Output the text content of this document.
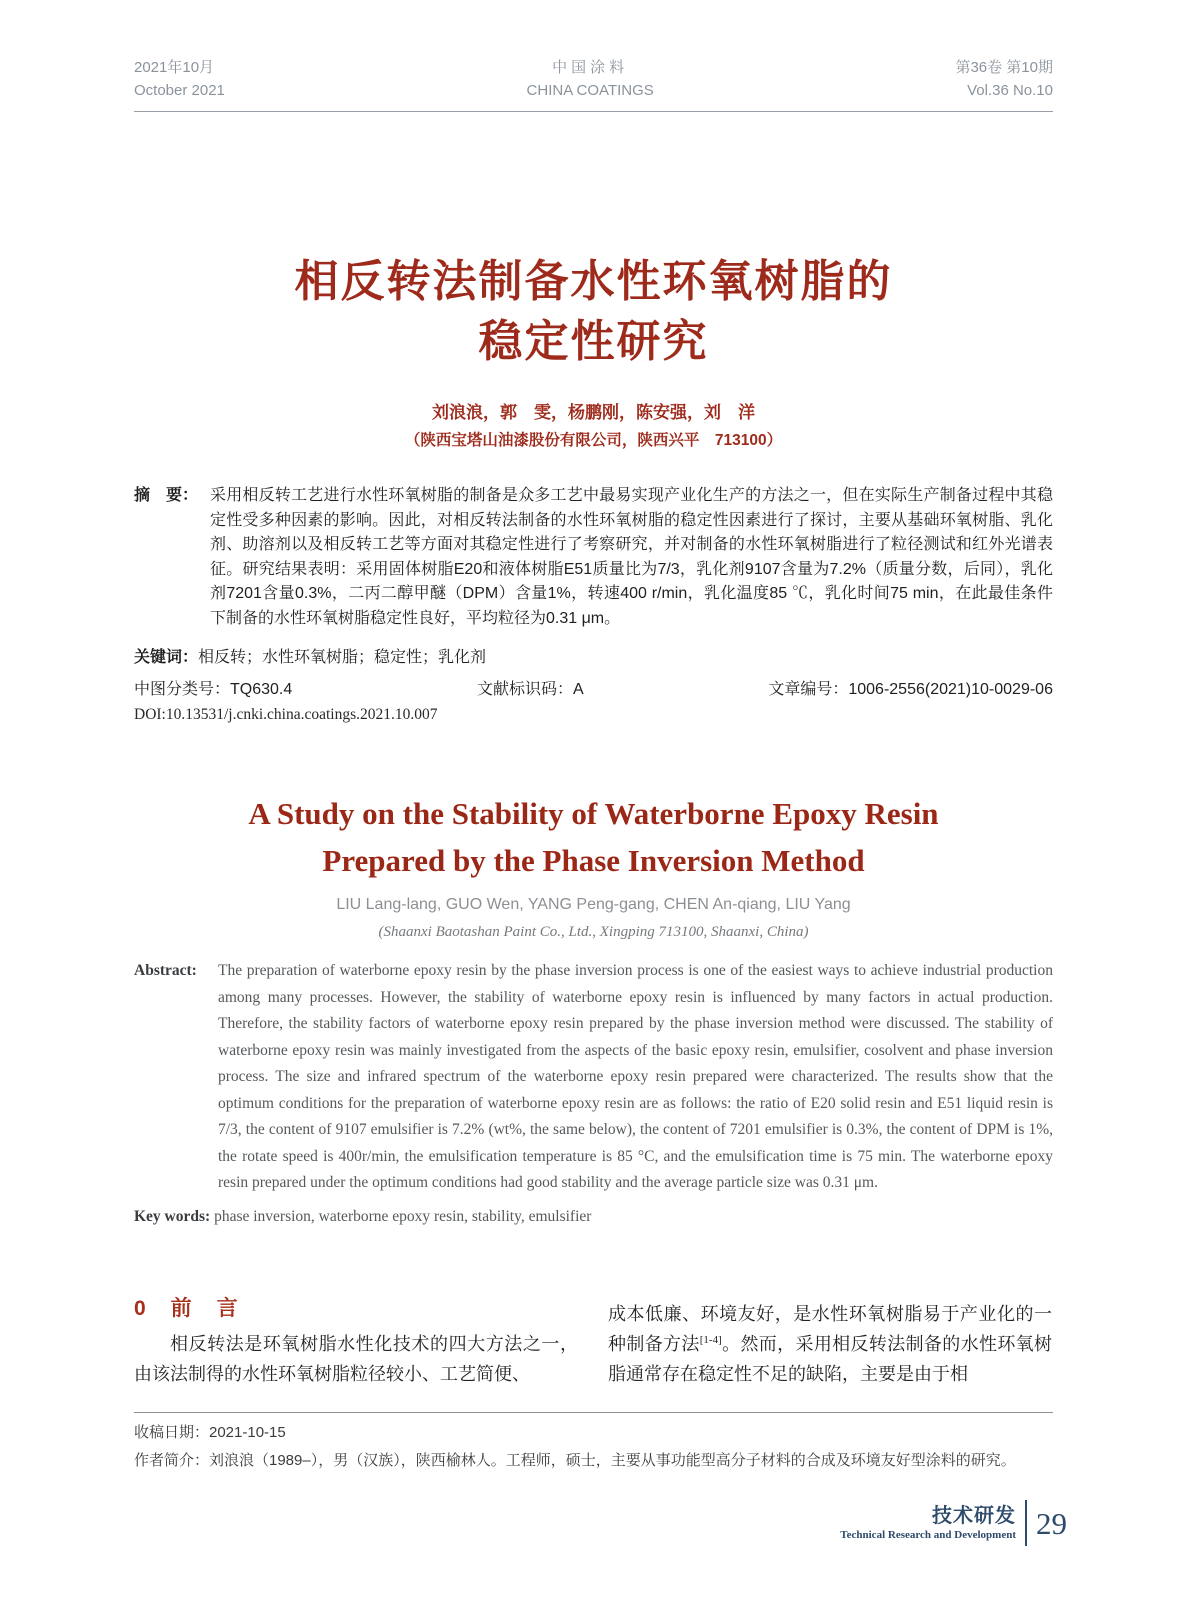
2021年10月
October 2021
中国涂料
CHINA COATINGS
第36卷 第10期
Vol.36 No.10
相反转法制备水性环氧树脂的
稳定性研究
刘浪浪，郭　雯，杨鹏刚，陈安强，刘　洋
（陕西宝塔山油漆股份有限公司，陕西兴平　713100）
摘　要： 采用相反转工艺进行水性环氧树脂的制备是众多工艺中最易实现产业化生产的方法之一，但在实际生产制备过程中其稳定性受多种因素的影响。因此，对相反转法制备的水性环氧树脂的稳定性因素进行了探讨，主要从基础环氧树脂、乳化剂、助溶剂以及相反转工艺等方面对其稳定性进行了考察研究，并对制备的水性环氧树脂进行了粒径测试和红外光谱表征。研究结果表明：采用固体树脂E20和液体树脂E51质量比为7/3，乳化剂9107含量为7.2%（质量分数，后同），乳化剂7201含量0.3%，二丙二醇甲醚（DPM）含量1%，转速400 r/min，乳化温度85 ℃，乳化时间75 min，在此最佳条件下制备的水性环氧树脂稳定性良好，平均粒径为0.31 μm。
关键词：相反转；水性环氧树脂；稳定性；乳化剂
中图分类号：TQ630.4	文献标识码：A	文章编号：1006-2556(2021)10-0029-06
DOI:10.13531/j.cnki.china.coatings.2021.10.007
A Study on the Stability of Waterborne Epoxy Resin
Prepared by the Phase Inversion Method
LIU Lang-lang, GUO Wen, YANG Peng-gang, CHEN An-qiang, LIU Yang
(Shaanxi Baotashan Paint Co., Ltd., Xingping 713100, Shaanxi, China)
Abstract: The preparation of waterborne epoxy resin by the phase inversion process is one of the easiest ways to achieve industrial production among many processes. However, the stability of waterborne epoxy resin is influenced by many factors in actual production. Therefore, the stability factors of waterborne epoxy resin prepared by the phase inversion method were discussed. The stability of waterborne epoxy resin was mainly investigated from the aspects of the basic epoxy resin, emulsifier, cosolvent and phase inversion process. The size and infrared spectrum of the waterborne epoxy resin prepared were characterized. The results show that the optimum conditions for the preparation of waterborne epoxy resin are as follows: the ratio of E20 solid resin and E51 liquid resin is 7/3, the content of 9107 emulsifier is 7.2% (wt%, the same below), the content of 7201 emulsifier is 0.3%, the content of DPM is 1%, the rotate speed is 400r/min, the emulsification temperature is 85 °C, and the emulsification time is 75 min. The waterborne epoxy resin prepared under the optimum conditions had good stability and the average particle size was 0.31 μm.
Key words: phase inversion, waterborne epoxy resin, stability, emulsifier
0　前　言

相反转法是环氧树脂水性化技术的四大方法之一，由该法制得的水性环氧树脂粒径较小、工艺简便、

成本低廉、环境友好，是水性环氧树脂易于产业化的一种制备方法[1-4]。然而，采用相反转法制备的水性环氧树脂通常存在稳定性不足的缺陷，主要是由于相

收稿日期：2021-10-15
作者简介：刘浪浪（1989–），男（汉族），陕西榆林人。工程师，硕士，主要从事功能型高分子材料的合成及环境友好型涂料的研究。
技术研发
Technical Research and Development 29
